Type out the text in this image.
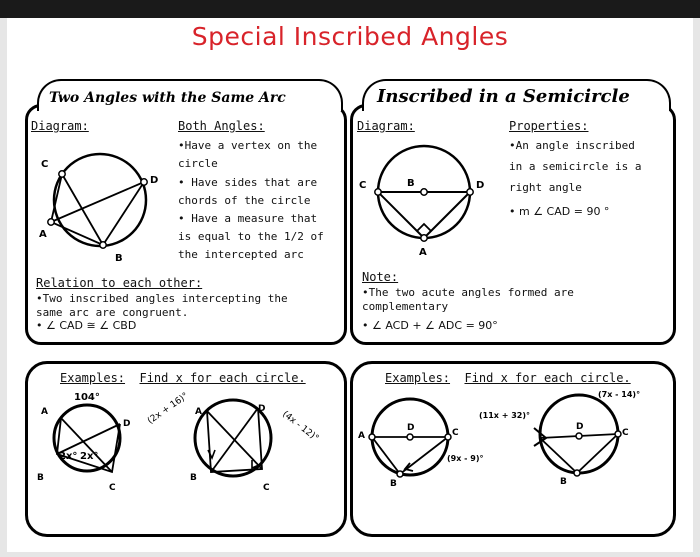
Special Inscribed Angles
Two Angles with the Same Arc
Diagram:	Both Angles:
•Have a vertex on the
circle
• Have sides that are
chords of the circle
• Have a measure that
is equal to the 1/2 of
the intercepted arc
Relation to each other:
•Two inscribed angles intercepting the
same arc are congruent.
• ∠ CAD ≅ ∠ CBD
C
D
A
B
Inscribed in a Semicircle
Diagram:	Properties:
•An angle inscribed
in a semicircle is a
right angle
• m ∠ CAD = 90 °
Note:
•The two acute angles formed are
complementary
• ∠ ACD + ∠ ADC = 90°
C	B	D
A
Examples: Find x for each circle.
104°
2x° 2x°
A
D
B
C
(2x + 16)°
(4x - 12)°
A	D
B
C
Examples: Find x for each circle.
(11x + 32)°
(9x - 9)°
A
D	C
B
(7x - 14)°
D
C
B
